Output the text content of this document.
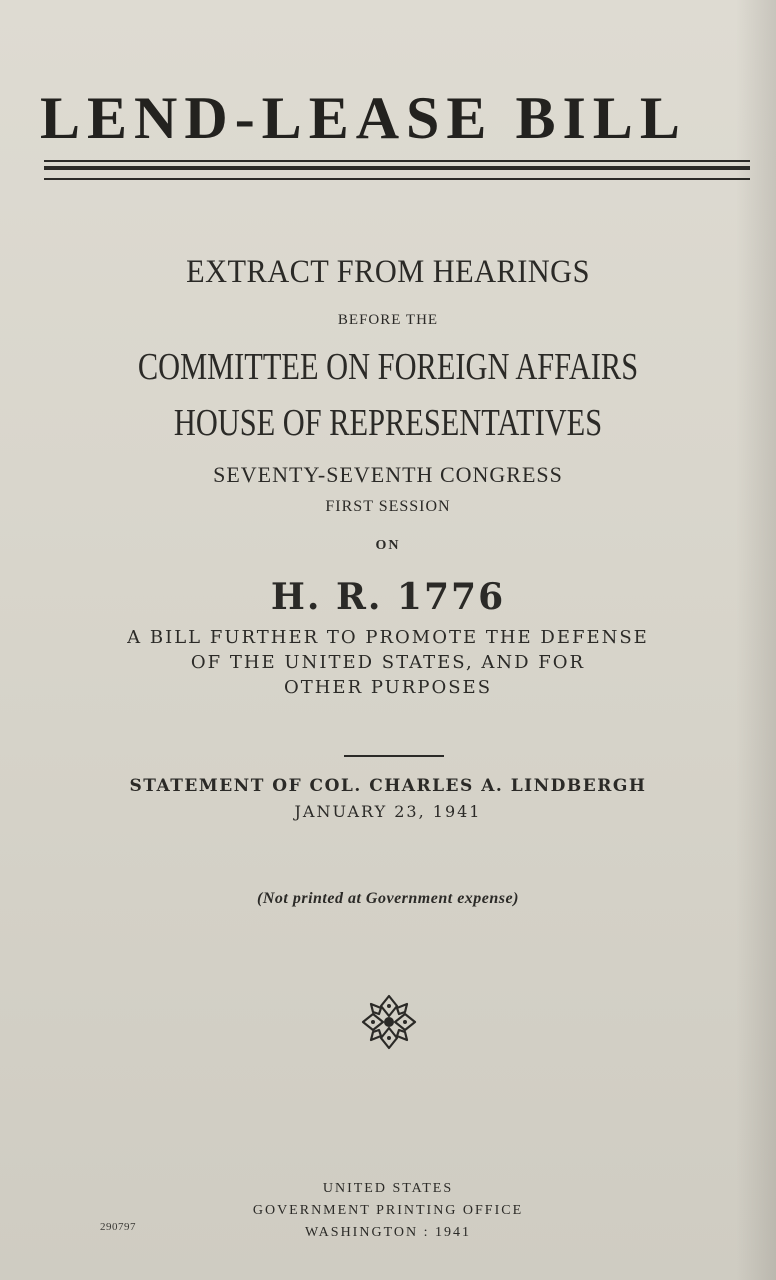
LEND-LEASE BILL
EXTRACT FROM HEARINGS
BEFORE THE
COMMITTEE ON FOREIGN AFFAIRS
HOUSE OF REPRESENTATIVES
SEVENTY-SEVENTH CONGRESS
FIRST SESSION
ON
H. R. 1776
A BILL FURTHER TO PROMOTE THE DEFENSE
OF THE UNITED STATES, AND FOR
OTHER PURPOSES
STATEMENT OF COL. CHARLES A. LINDBERGH
JANUARY 23, 1941
(Not printed at Government expense)
UNITED STATES
GOVERNMENT PRINTING OFFICE
WASHINGTON : 1941
290797
